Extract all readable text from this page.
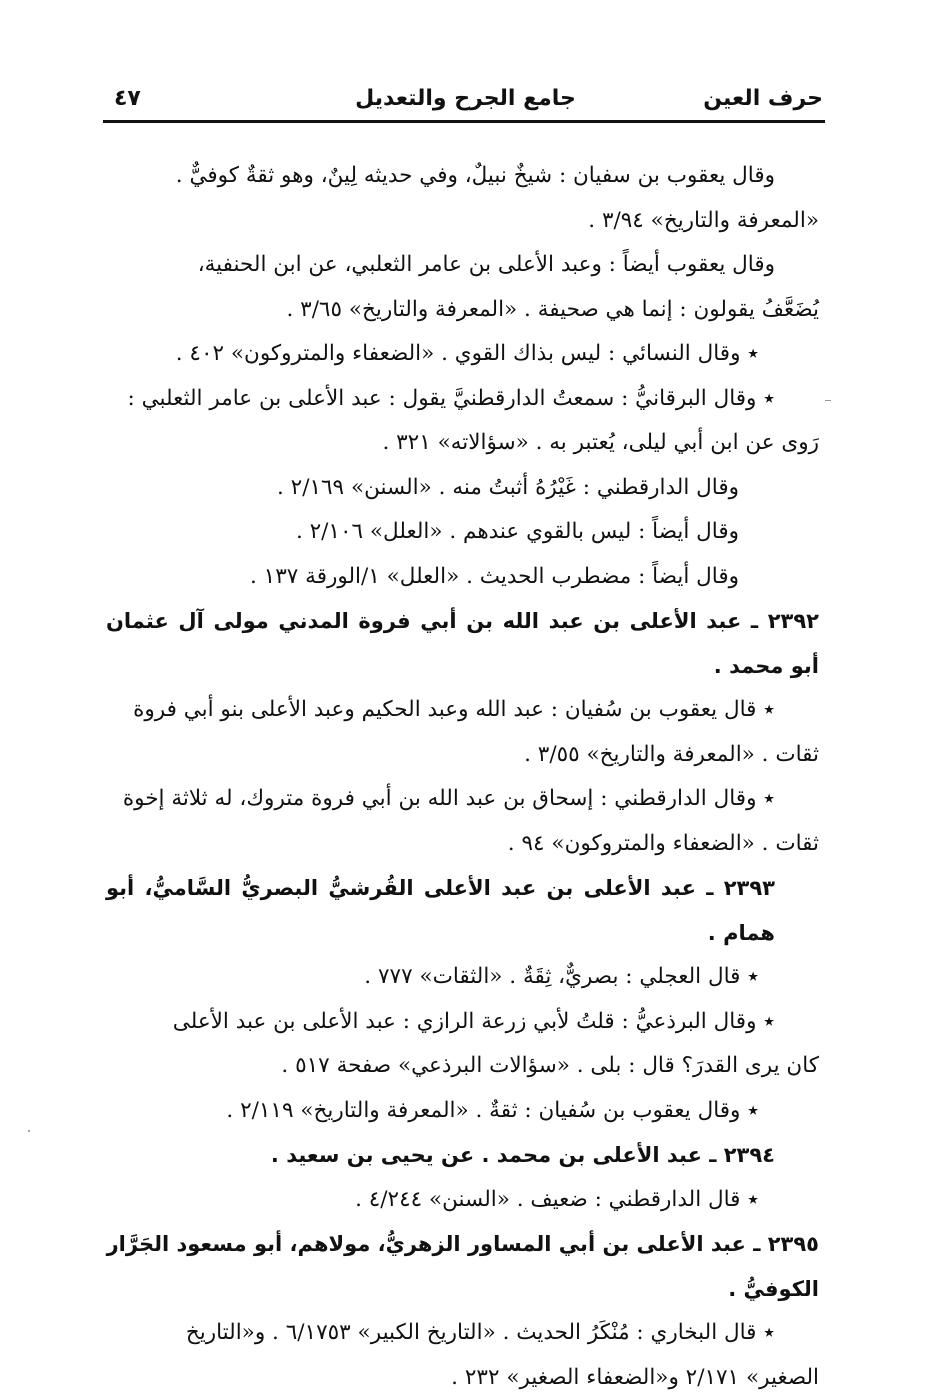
حرف العين
جامع الجرح والتعديل
٤٧

وقال يعقوب بن سفيان : شيخٌ نبيلٌ، وفي حديثه لِينٌ، وهو ثقةٌ كوفيٌّ .

«المعرفة والتاريخ» ٣/٩٤ .

وقال يعقوب أيضاً : وعبد الأعلى بن عامر الثعلبي، عن ابن الحنفية،

يُضَعَّفُ يقولون : إنما هي صحيفة . «المعرفة والتاريخ» ٣/٦٥ .

٭ وقال النسائي : ليس بذاك القوي . «الضعفاء والمتروكون» ٤٠٢ .

٭ وقال البرقانيُّ : سمعتُ الدارقطنيَّ يقول : عبد الأعلى بن عامر الثعلبي :

رَوى عن ابن أبي ليلى، يُعتبر به . «سؤالاته» ٣٢١ .

وقال الدارقطني : غَيْرُهُ أثبتُ منه . «السنن» ٢/١٦٩ .

وقال أيضاً : ليس بالقوي عندهم . «العلل» ٢/١٠٦ .

وقال أيضاً : مضطرب الحديث . «العلل» ١/الورقة ١٣٧ .

٢٣٩٢ ـ عبد الأعلى بن عبد الله بن أبي فروة المدني مولى آل عثمان أبو محمد .

٭ قال يعقوب بن سُفيان : عبد الله وعبد الحكيم وعبد الأعلى بنو أبي فروة

ثقات . «المعرفة والتاريخ» ٣/٥٥ .

٭ وقال الدارقطني : إسحاق بن عبد الله بن أبي فروة متروك، له ثلاثة إخوة

ثقات . «الضعفاء والمتروكون» ٩٤ .

٢٣٩٣ ـ عبد الأعلى بن عبد الأعلى القُرشيُّ البصريُّ السَّاميُّ، أبو همام .

٭ قال العجلي : بصريٌّ، ثِقَةٌ . «الثقات» ٧٧٧ .

٭ وقال البرذعيُّ : قلتُ لأبي زرعة الرازي : عبد الأعلى بن عبد الأعلى

كان يرى القدرَ؟ قال : بلى . «سؤالات البرذعي» صفحة ٥١٧ .

٭ وقال يعقوب بن سُفيان : ثقةٌ . «المعرفة والتاريخ» ٢/١١٩ .

٢٣٩٤ ـ عبد الأعلى بن محمد . عن يحيى بن سعيد .

٭ قال الدارقطني : ضعيف . «السنن» ٤/٢٤٤ .

٢٣٩٥ ـ عبد الأعلى بن أبي المساور الزهريُّ، مولاهم، أبو مسعود الجَرَّار

الكوفيُّ .

٭ قال البخاري : مُنْكَرُ الحديث . «التاريخ الكبير» ٦/١٧٥٣ . و«التاريخ

الصغير» ٢/١٧١ و«الضعفاء الصغير» ٢٣٢ .
